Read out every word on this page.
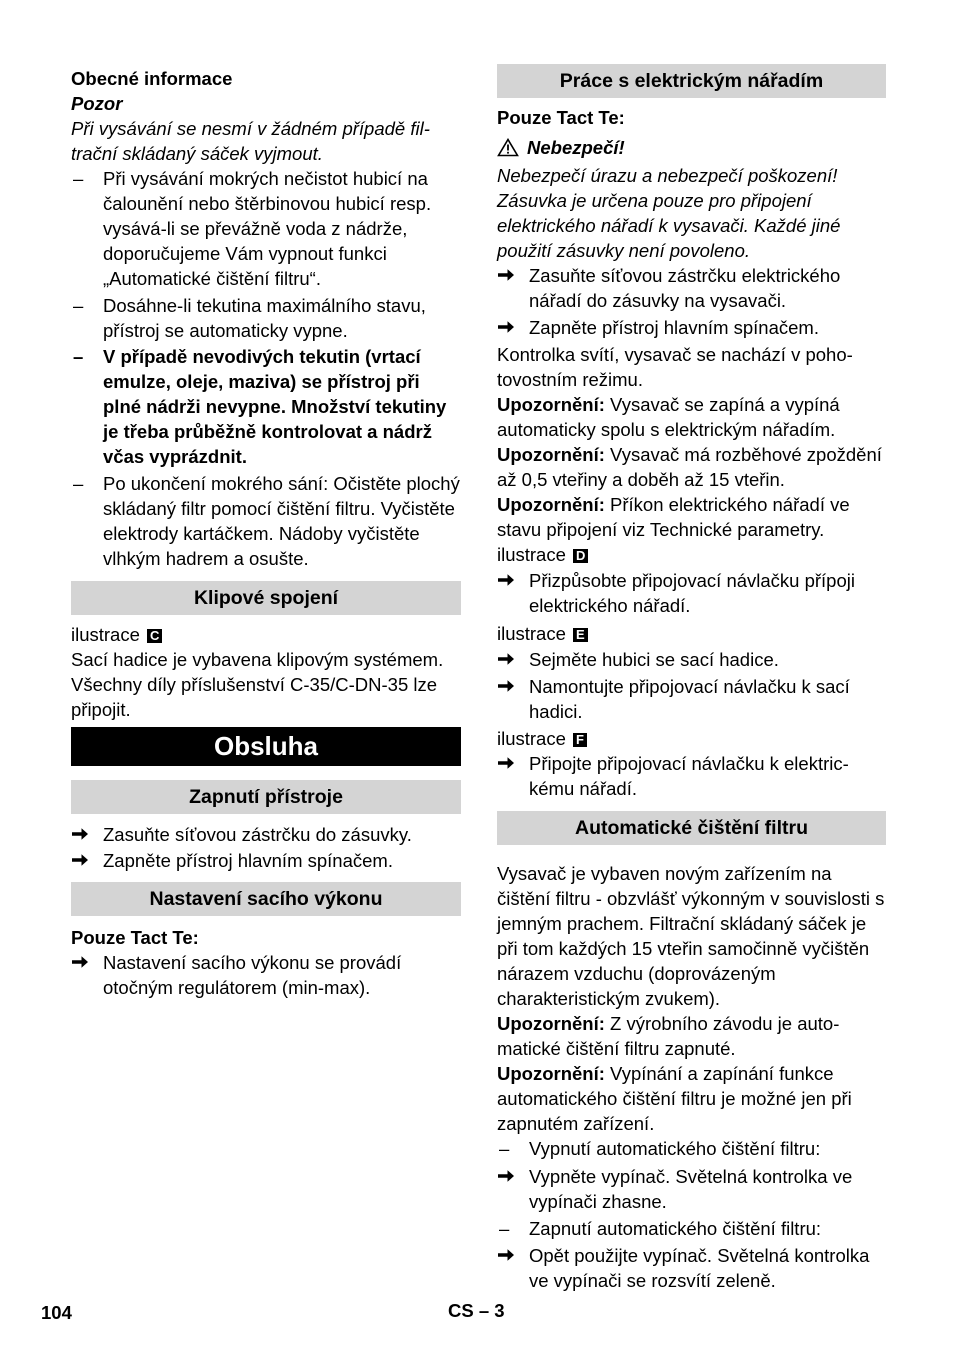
Obecné informace

Pozor

Při vysávání se nesmí v žádném případě filtrační skládaný sáček vyjmout.

– Při vysávání mokrých nečistot hubicí na čalounění nebo štěrbinovou hubicí resp. vysává-li se převážně voda z nádrže, doporučujeme Vám vypnout funkci „Automatické čištění filtru“.
– Dosáhne-li tekutina maximálního stavu, přístroj se automaticky vypne.
– V případě nevodivých tekutin (vrtací emulze, oleje, maziva) se přístroj při plné nádrži nevypne. Množství tekutiny je třeba průběžně kontrolovat a nádrž včas vyprázdnit.
– Po ukončení mokrého sání: Očistěte plochý skládaný filtr pomocí čištění filtru. Vyčistěte elektrody kartáčkem. Nádoby vyčistěte vlhkým hadrem a osušte.
Klipové spojení

ilustrace C

Sací hadice je vybavena klipovým systémem. Všechny díly příslušenství C-35/C-DN-35 lze připojit.

Obsluha
Zapnutí přístroje
Zasuňte síťovou zástrčku do zásuvky.
Zapněte přístroj hlavním spínačem.
Nastavení sacího výkonu

Pouze Tact Te:

Nastavení sacího výkonu se provádí otočným regulátorem (min-max).
Práce s elektrickým nářadím

Pouze Tact Te:

Nebezpečí!

Nebezpečí úrazu a nebezpečí poškození! Zásuvka je určena pouze pro připojení elektrického nářadí k vysavači. Každé jiné použití zásuvky není povoleno.

Zasuňte síťovou zástrčku elektrického nářadí do zásuvky na vysavači.
Zapněte přístroj hlavním spínačem.

Kontrolka svítí, vysavač se nachází v pohotovostním režimu.

Upozornění: Vysavač se zapíná a vypíná automaticky spolu s elektrickým nářadím.

Upozornění: Vysavač má rozběhové zpoždění až 0,5 vteřiny a doběh až 15 vteřin.

Upozornění: Příkon elektrického nářadí ve stavu připojení viz Technické parametry.

ilustrace D

Přizpůsobte připojovací návlačku přípoji elektrického nářadí.

ilustrace E

Sejměte hubici se sací hadice.
Namontujte připojovací návlačku k sací hadici.

ilustrace F

Připojte připojovací návlačku k elektrickému nářadí.
Automatické čištění filtru

Vysavač je vybaven novým zařízením na čištění filtru - obzvlášť výkonným v souvislosti s jemným prachem. Filtrační skládaný sáček je při tom každých 15 vteřin samočinně vyčištěn nárazem vzduchu (doprovázеným charakteristickým zvukem).

Upozornění: Z výrobního závodu je automatické čištění filtru zapnuté.

Upozornění: Vypínání a zapínání funkce automatického čištění filtru je možné jen při zapnutém zařízení.

– Vypnutí automatického čištění filtru:
Vypněte vypínač. Světelná kontrolka ve vypínači zhasne.
– Zapnutí automatického čištění filtru:
Opět použijte vypínač. Světelná kontrolka ve vypínači se rozsvítí zeleně.
104	CS – 3
